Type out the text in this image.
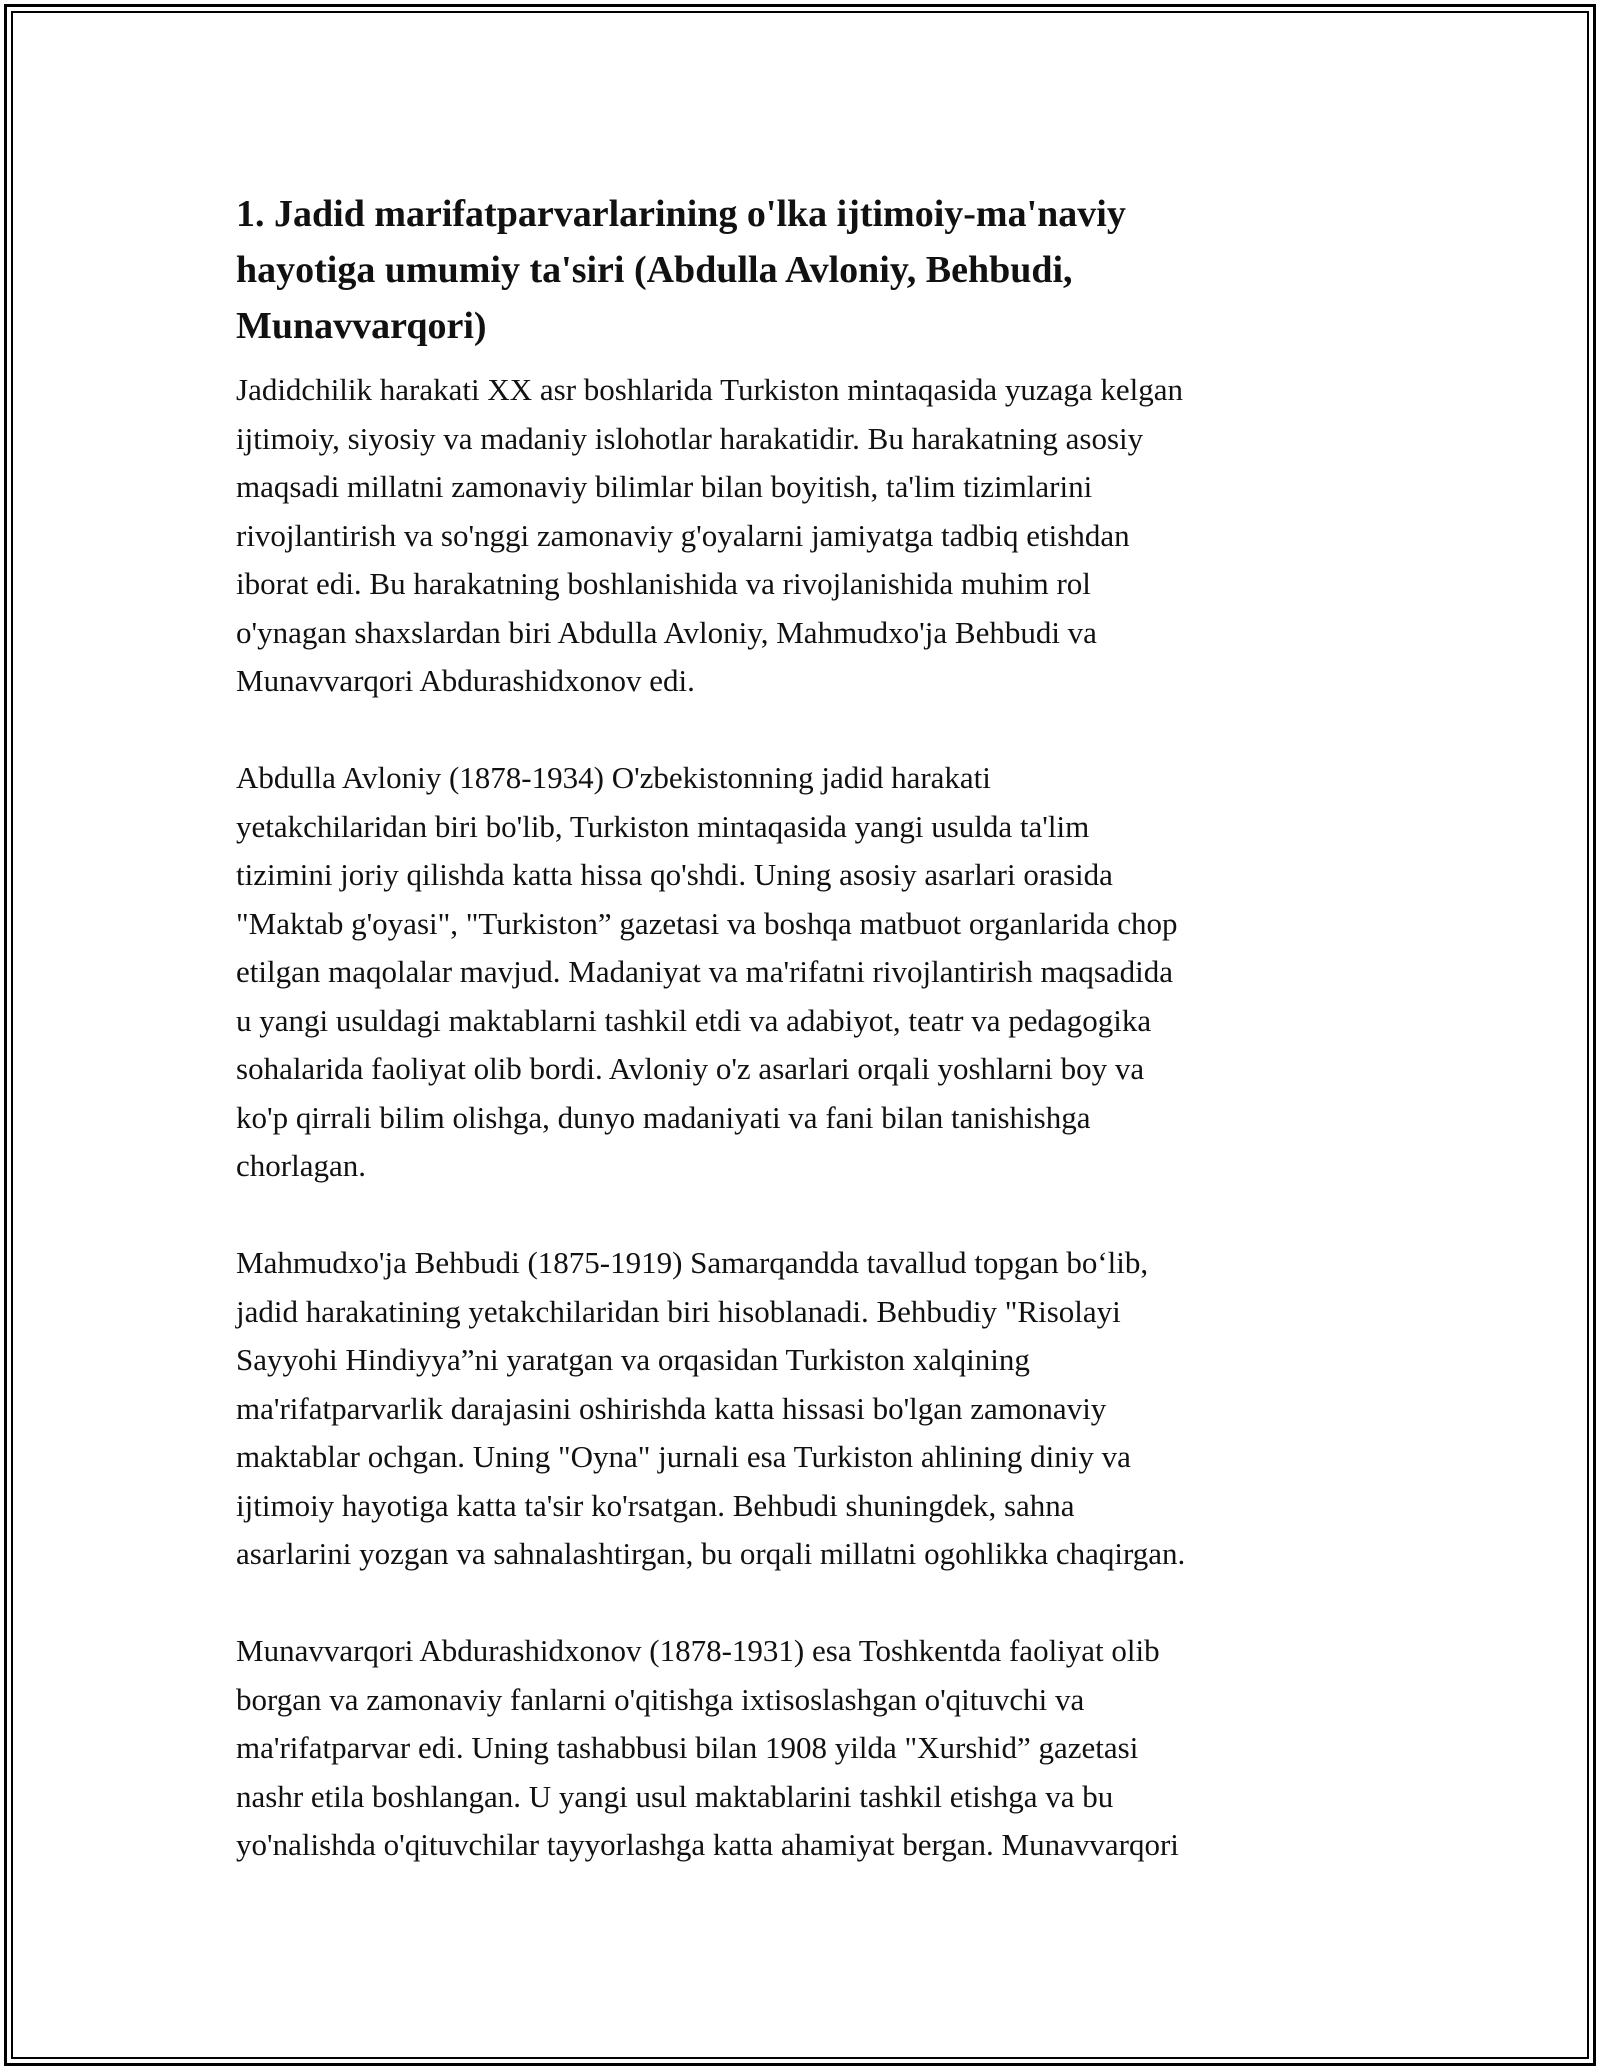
1. Jadid marifatparvarlarining o'lka ijtimoiy-ma'naviy
hayotiga umumiy ta'siri (Abdulla Avloniy, Behbudi,
Munavvarqori)

Jadidchilik harakati XX asr boshlarida Turkiston mintaqasida yuzaga kelgan
ijtimoiy, siyosiy va madaniy islohotlar harakatidir. Bu harakatning asosiy
maqsadi millatni zamonaviy bilimlar bilan boyitish, ta'lim tizimlarini
rivojlantirish va so'nggi zamonaviy g'oyalarni jamiyatga tadbiq etishdan
iborat edi. Bu harakatning boshlanishida va rivojlanishida muhim rol
o'ynagan shaxslardan biri Abdulla Avloniy, Mahmudxo'ja Behbudi va
Munavvarqori Abdurashidxonov edi.

Abdulla Avloniy (1878-1934) O'zbekistonning jadid harakati
yetakchilaridan biri bo'lib, Turkiston mintaqasida yangi usulda ta'lim
tizimini joriy qilishda katta hissa qo'shdi. Uning asosiy asarlari orasida
"Maktab g'oyasi", "Turkiston” gazetasi va boshqa matbuot organlarida chop
etilgan maqolalar mavjud. Madaniyat va ma'rifatni rivojlantirish maqsadida
u yangi usuldagi maktablarni tashkil etdi va adabiyot, teatr va pedagogika
sohalarida faoliyat olib bordi. Avloniy o'z asarlari orqali yoshlarni boy va
ko'p qirrali bilim olishga, dunyo madaniyati va fani bilan tanishishga
chorlagan.

Mahmudxo'ja Behbudi (1875-1919) Samarqandda tavallud topgan bo‘lib,
jadid harakatining yetakchilaridan biri hisoblanadi. Behbudiy "Risolayi
Sayyohi Hindiyya”ni yaratgan va orqasidan Turkiston xalqining
ma'rifatparvarlik darajasini oshirishda katta hissasi bo'lgan zamonaviy
maktablar ochgan. Uning "Oyna" jurnali esa Turkiston ahlining diniy va
ijtimoiy hayotiga katta ta'sir ko'rsatgan. Behbudi shuningdek, sahna
asarlarini yozgan va sahnalashtirgan, bu orqali millatni ogohlikka chaqirgan.

Munavvarqori Abdurashidxonov (1878-1931) esa Toshkentda faoliyat olib
borgan va zamonaviy fanlarni o'qitishga ixtisoslashgan o'qituvchi va
ma'rifatparvar edi. Uning tashabbusi bilan 1908 yilda "Xurshid” gazetasi
nashr etila boshlangan. U yangi usul maktablarini tashkil etishga va bu
yo'nalishda o'qituvchilar tayyorlashga katta ahamiyat bergan. Munavvarqori
